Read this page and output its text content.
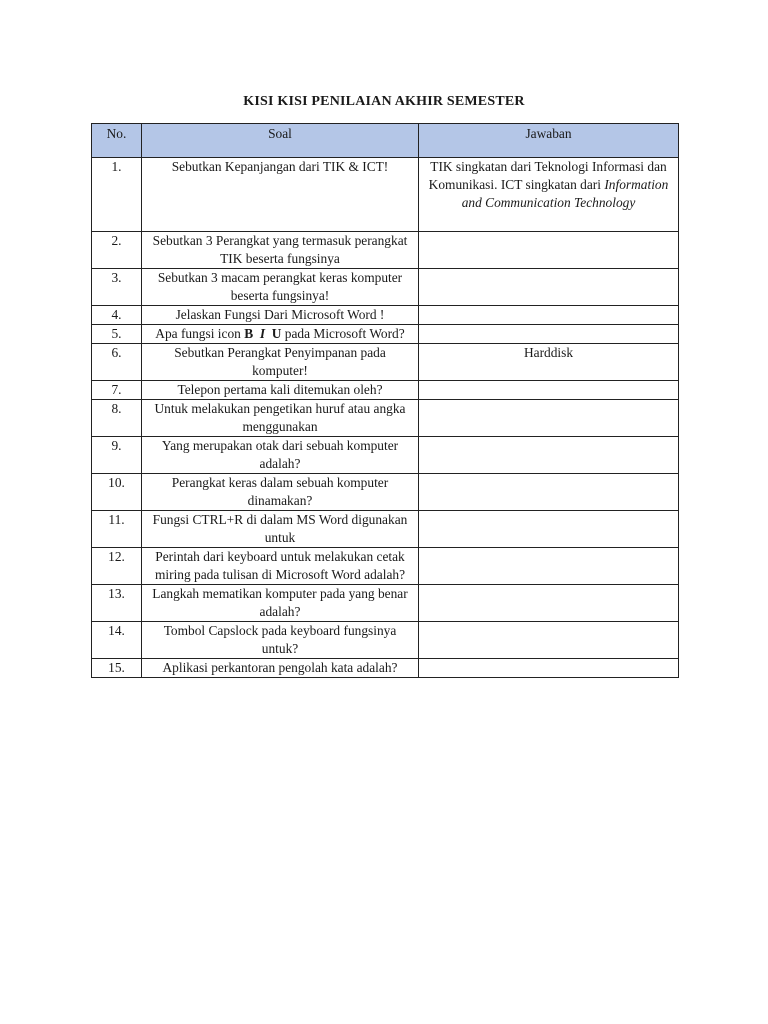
KISI KISI PENILAIAN AKHIR SEMESTER
No.	Soal	Jawaban
1.	Sebutkan Kepanjangan dari TIK & ICT!	TIK singkatan dari Teknologi Informasi dan Komunikasi. ICT singkatan dari Information and Communication Technology
2.	Sebutkan 3 Perangkat yang termasuk perangkat TIK beserta fungsinya	
3.	Sebutkan 3 macam perangkat keras komputer beserta fungsinya!	
4.	Jelaskan Fungsi Dari Microsoft Word !	
5.	Apa fungsi icon B I U pada Microsoft Word?	
6.	Sebutkan Perangkat Penyimpanan pada komputer!	Harddisk
7.	Telepon pertama kali ditemukan oleh?	
8.	Untuk melakukan pengetikan huruf atau angka menggunakan	
9.	Yang merupakan otak dari sebuah komputer adalah?	
10.	Perangkat keras dalam sebuah komputer dinamakan?	
11.	Fungsi CTRL+R di dalam MS Word digunakan untuk	
12.	Perintah dari keyboard untuk melakukan cetak miring pada tulisan di Microsoft Word adalah?	
13.	Langkah mematikan komputer pada yang benar adalah?	
14.	Tombol Capslock pada keyboard fungsinya untuk?	
15.	Aplikasi perkantoran pengolah kata adalah?	
